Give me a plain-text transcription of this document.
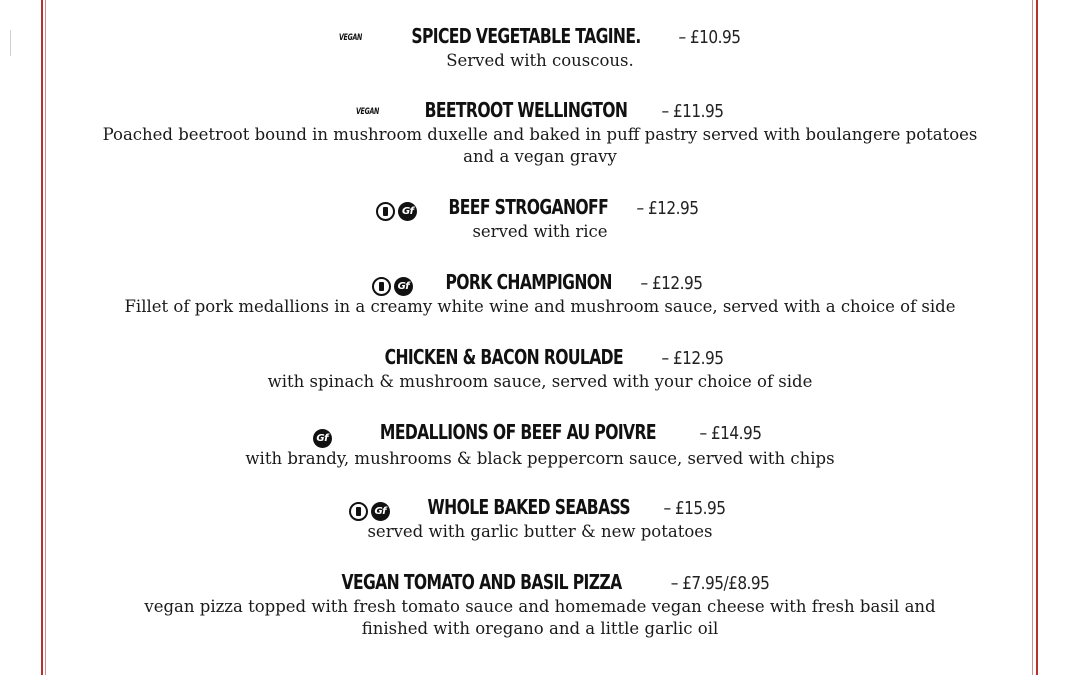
VEGAN SPICED VEGETABLE TAGINE. – £10.95
Served with couscous.
VEGAN BEETROOT WELLINGTON – £11.95
Poached beetroot bound in mushroom duxelle and baked in puff pastry served with boulangere potatoes and a vegan gravy
Gf BEEF STROGANOFF – £12.95
served with rice
Gf PORK CHAMPIGNON – £12.95
Fillet of pork medallions in a creamy white wine and mushroom sauce, served with a choice of side
CHICKEN & BACON ROULADE – £12.95
with spinach & mushroom sauce, served with your choice of side
Gf	MEDALLIONS OF BEEF AU POIVRE – £14.95
with brandy, mushrooms & black peppercorn sauce, served with chips
Gf WHOLE BAKED SEABASS – £15.95
served with garlic butter & new potatoes
VEGAN TOMATO AND BASIL PIZZA	– £7.95/£8.95
vegan pizza topped with fresh tomato sauce and homemade vegan cheese with fresh basil and finished with oregano and a little garlic oil
